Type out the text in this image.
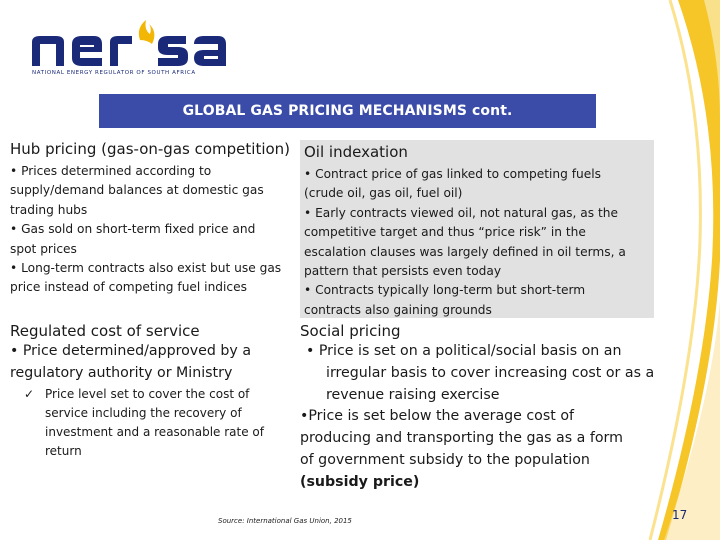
NATIONAL ENERGY REGULATOR OF SOUTH AFRICA
GLOBAL GAS PRICING MECHANISMS cont.
Hub pricing (gas-on-gas competition)

• Prices determined according to

supply/demand balances at domestic gas

trading hubs

• Gas sold on short-term fixed price and

spot prices

• Long-term contracts also exist but use gas

price instead of competing fuel indices

Oil indexation

• Contract price of gas linked to competing fuels

(crude oil, gas oil, fuel oil)

• Early contracts viewed oil, not natural gas, as the

competitive target and thus “price risk” in the

escalation clauses was largely defined in oil terms, a

pattern that persists even today

• Contracts typically long-term but short-term

contracts also gaining grounds

Regulated cost of service

• Price determined/approved by a

regulatory authority or Ministry

✓ Price level set to cover the cost of

service including the recovery of

investment and a reasonable rate of

return

Social pricing

• Price is set on a political/social basis on an irregular basis to cover increasing cost or as a revenue raising exercise

•Price is set below the average cost of

producing and transporting the gas as a form

of government subsidy to the population

(subsidy price)

Source: International Gas Union, 2015	17
